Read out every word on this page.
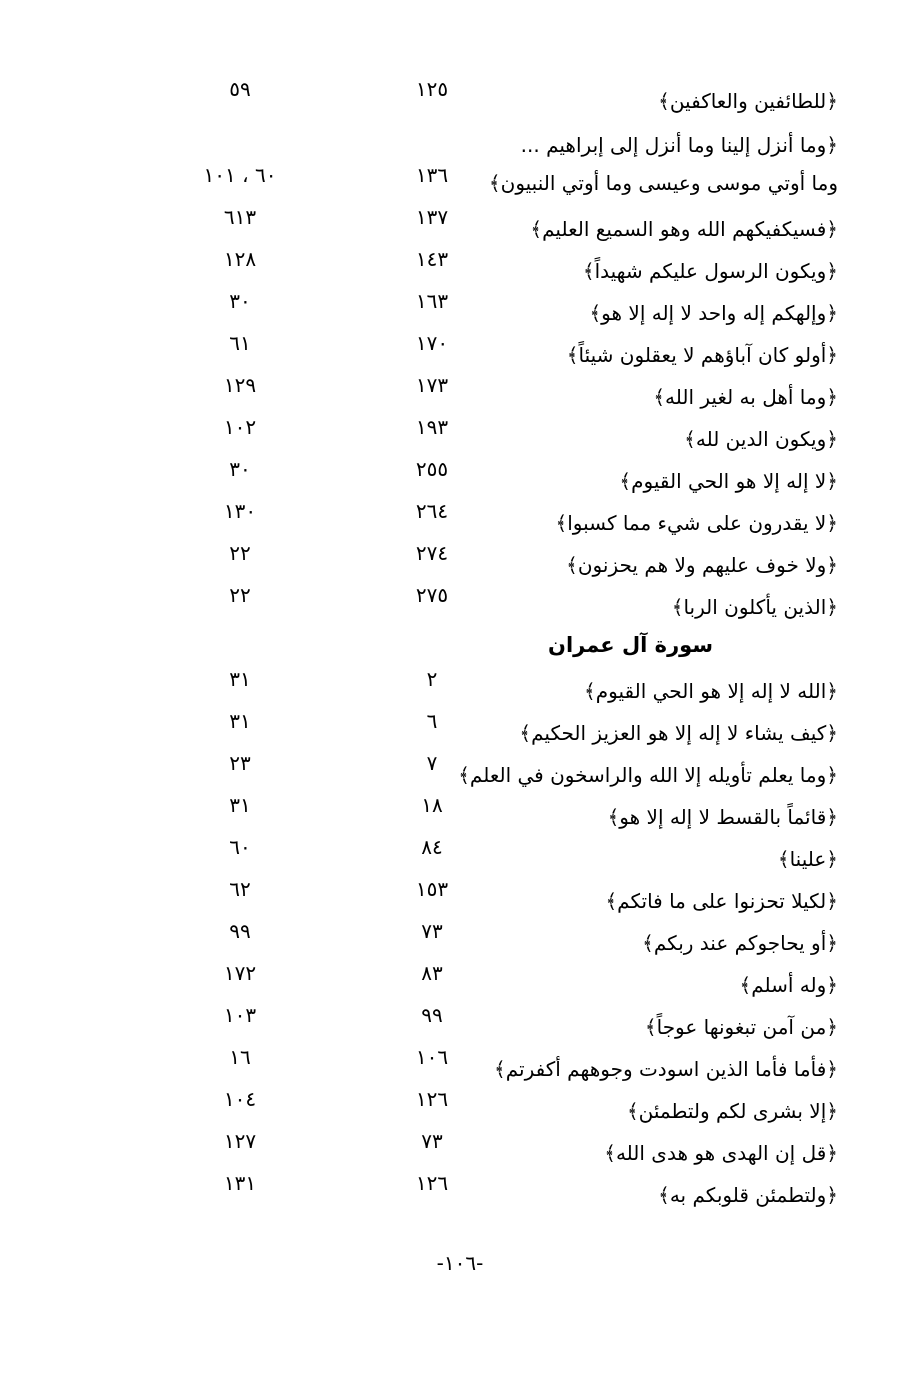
﴿للطائفين والعاكفين﴾
١٢٥
٥٩
﴿وما أنزل إلينا وما أنزل إلى إبراهيم ...
وما أوتي موسى وعيسى وما أوتي النبيون﴾
١٣٦
٦٠ ، ١٠١
﴿فسيكفيكهم الله وهو السميع العليم﴾
١٣٧
٦١٣
﴿ويكون الرسول عليكم شهيداً﴾
١٤٣
١٢٨
﴿وإلهكم إله واحد لا إله إلا هو﴾
١٦٣
٣٠
﴿أولو كان آباؤهم لا يعقلون شيئاً﴾
١٧٠
٦١
﴿وما أهل به لغير الله﴾
١٧٣
١٢٩
﴿ويكون الدين لله﴾
١٩٣
١٠٢
﴿لا إله إلا هو الحي القيوم﴾
٢٥٥
٣٠
﴿لا يقدرون على شيء مما كسبوا﴾
٢٦٤
١٣٠
﴿ولا خوف عليهم ولا هم يحزنون﴾
٢٧٤
٢٢
﴿الذين يأكلون الربا﴾
٢٧٥
٢٢
سورة آل عمران
﴿الله لا إله إلا هو الحي القيوم﴾
٢
٣١
﴿كيف يشاء لا إله إلا هو العزيز الحكيم﴾
٦
٣١
﴿وما يعلم تأويله إلا الله والراسخون في العلم﴾
٧
٢٣
﴿قائماً بالقسط لا إله إلا هو﴾
١٨
٣١
﴿علينا﴾
٨٤
٦٠
﴿لكيلا تحزنوا على ما فاتكم﴾
١٥٣
٦٢
﴿أو يحاجوكم عند ربكم﴾
٧٣
٩٩
﴿وله أسلم﴾
٨٣
١٧٢
﴿من آمن تبغونها عوجاً﴾
٩٩
١٠٣
﴿فأما فأما الذين اسودت وجوههم أكفرتم﴾
١٠٦
١٦
﴿إلا بشرى لكم ولتطمئن﴾
١٢٦
١٠٤
﴿قل إن الهدى هو هدى الله﴾
٧٣
١٢٧
﴿ولتطمئن قلوبكم به﴾
١٢٦
١٣١
-١٠٦-
